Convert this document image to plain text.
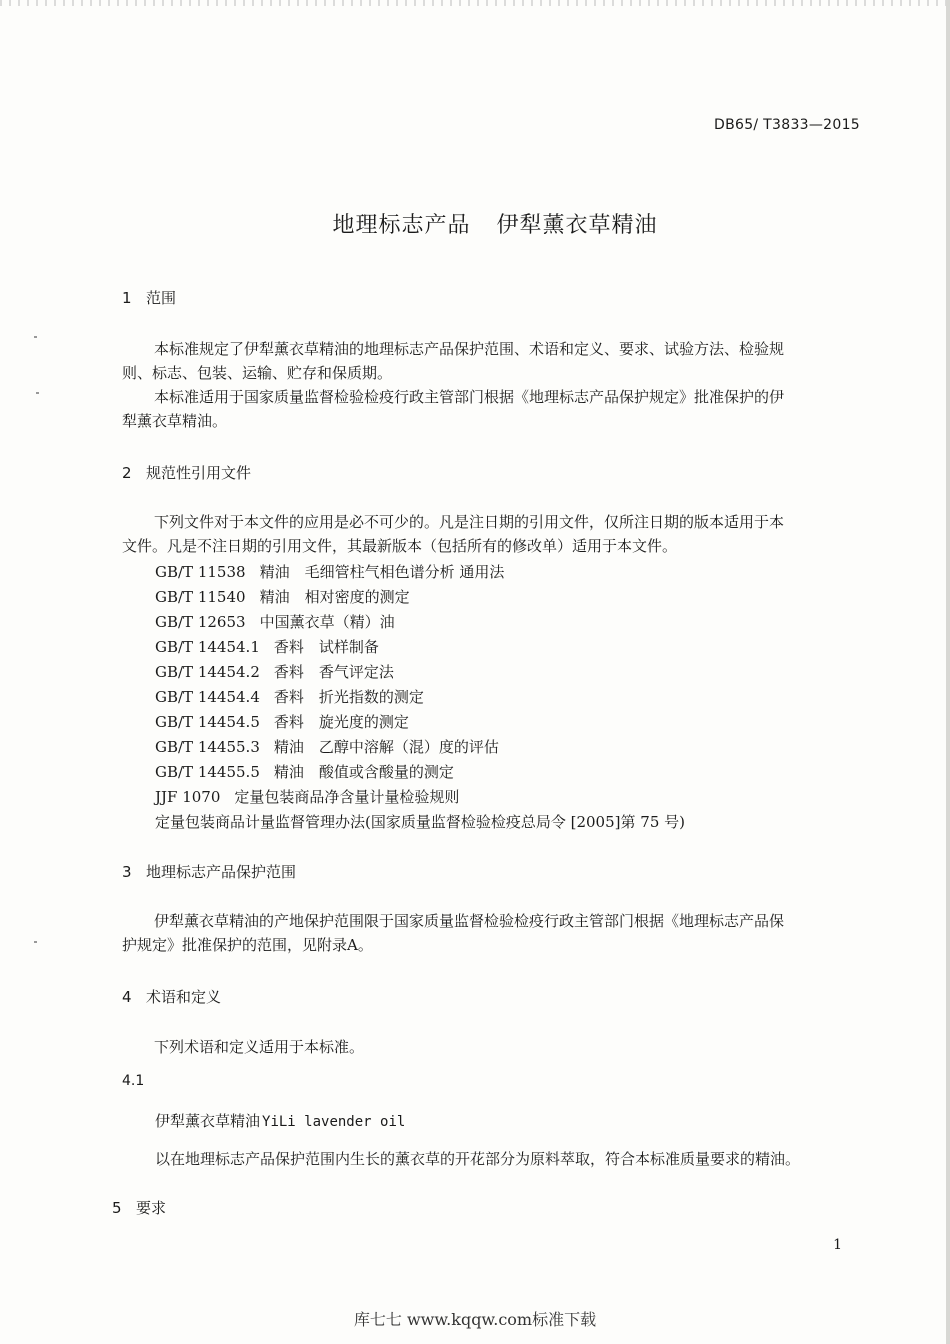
DB65/ T3833—2015
地理标志产品 伊犁薰衣草精油
1 范围
本标准规定了伊犁薰衣草精油的地理标志产品保护范围、术语和定义、要求、试验方法、检验规
则、标志、包装、运输、贮存和保质期。
本标准适用于国家质量监督检验检疫行政主管部门根据《地理标志产品保护规定》批准保护的伊
犁薰衣草精油。
2 规范性引用文件
下列文件对于本文件的应用是必不可少的。凡是注日期的引用文件，仅所注日期的版本适用于本
文件。凡是不注日期的引用文件，其最新版本（包括所有的修改单）适用于本文件。
GB/T 11538 精油　毛细管柱气相色谱分析 通用法
GB/T 11540 精油　相对密度的测定
GB/T 12653 中国薰衣草（精）油
GB/T 14454.1 香料　试样制备
GB/T 14454.2 香料　香气评定法
GB/T 14454.4 香料　折光指数的测定
GB/T 14454.5 香料　旋光度的测定
GB/T 14455.3 精油　乙醇中溶解（混）度的评估
GB/T 14455.5 精油　酸值或含酸量的测定
JJF 1070 定量包装商品净含量计量检验规则
定量包装商品计量监督管理办法(国家质量监督检验检疫总局令 [2005]第 75 号)
3 地理标志产品保护范围
伊犁薰衣草精油的产地保护范围限于国家质量监督检验检疫行政主管部门根据《地理标志产品保
护规定》批准保护的范围，见附录A。
4 术语和定义
下列术语和定义适用于本标准。
4.1
伊犁薰衣草精油 YiLi lavender oil
以在地理标志产品保护范围内生长的薰衣草的开花部分为原料萃取，符合本标准质量要求的精油。
5 要求
1
库七七 www.kqqw.com标准下载
